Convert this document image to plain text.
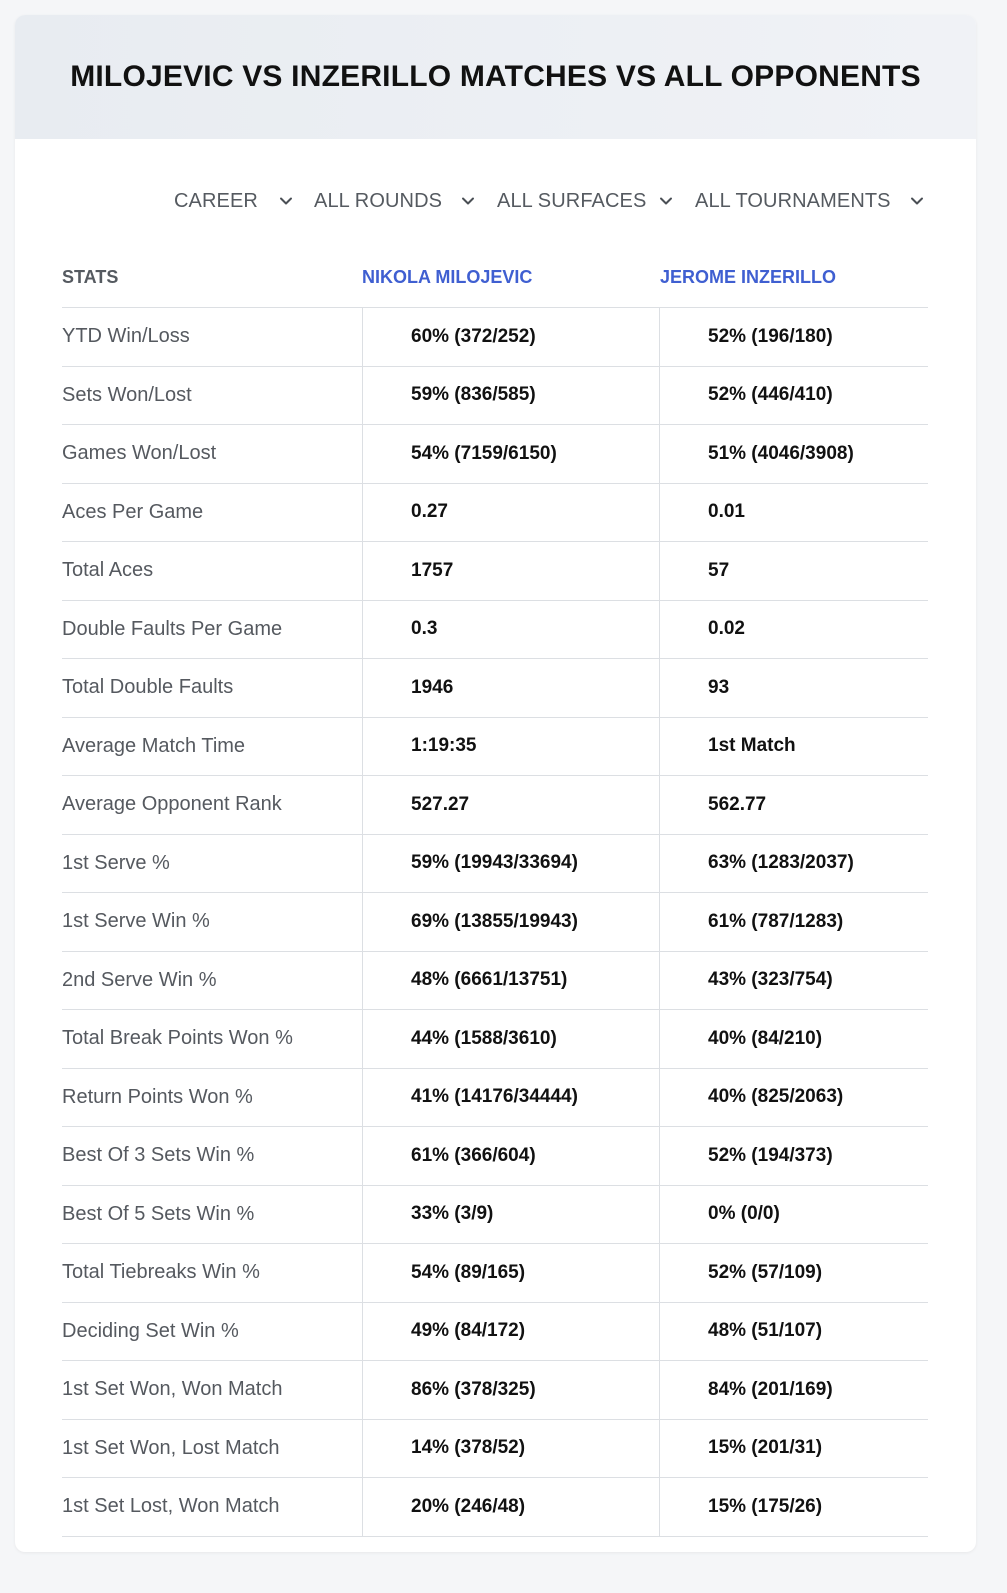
MILOJEVIC VS INZERILLO MATCHES VS ALL OPPONENTS
CAREER	ALL ROUNDS	ALL SURFACES ALL TOURNAMENTS
STATS	NIKOLA MILOJEVIC	JEROME INZERILLO
YTD Win/Loss	60% (372/252)	52% (196/180)
Sets Won/Lost	59% (836/585)	52% (446/410)
Games Won/Lost	54% (7159/6150)	51% (4046/3908)
Aces Per Game	0.27	0.01
Total Aces	1757	57
Double Faults Per Game	0.3	0.02
Total Double Faults	1946	93
Average Match Time	1:19:35	1st Match
Average Opponent Rank	527.27	562.77
1st Serve %	59% (19943/33694)	63% (1283/2037)
1st Serve Win %	69% (13855/19943)	61% (787/1283)
2nd Serve Win %	48% (6661/13751)	43% (323/754)
Total Break Points Won %	44% (1588/3610)	40% (84/210)
Return Points Won %	41% (14176/34444)	40% (825/2063)
Best Of 3 Sets Win %	61% (366/604)	52% (194/373)
Best Of 5 Sets Win %	33% (3/9)	0% (0/0)
Total Tiebreaks Win %	54% (89/165)	52% (57/109)
Deciding Set Win %	49% (84/172)	48% (51/107)
1st Set Won, Won Match	86% (378/325)	84% (201/169)
1st Set Won, Lost Match	14% (378/52)	15% (201/31)
1st Set Lost, Won Match	20% (246/48)	15% (175/26)
